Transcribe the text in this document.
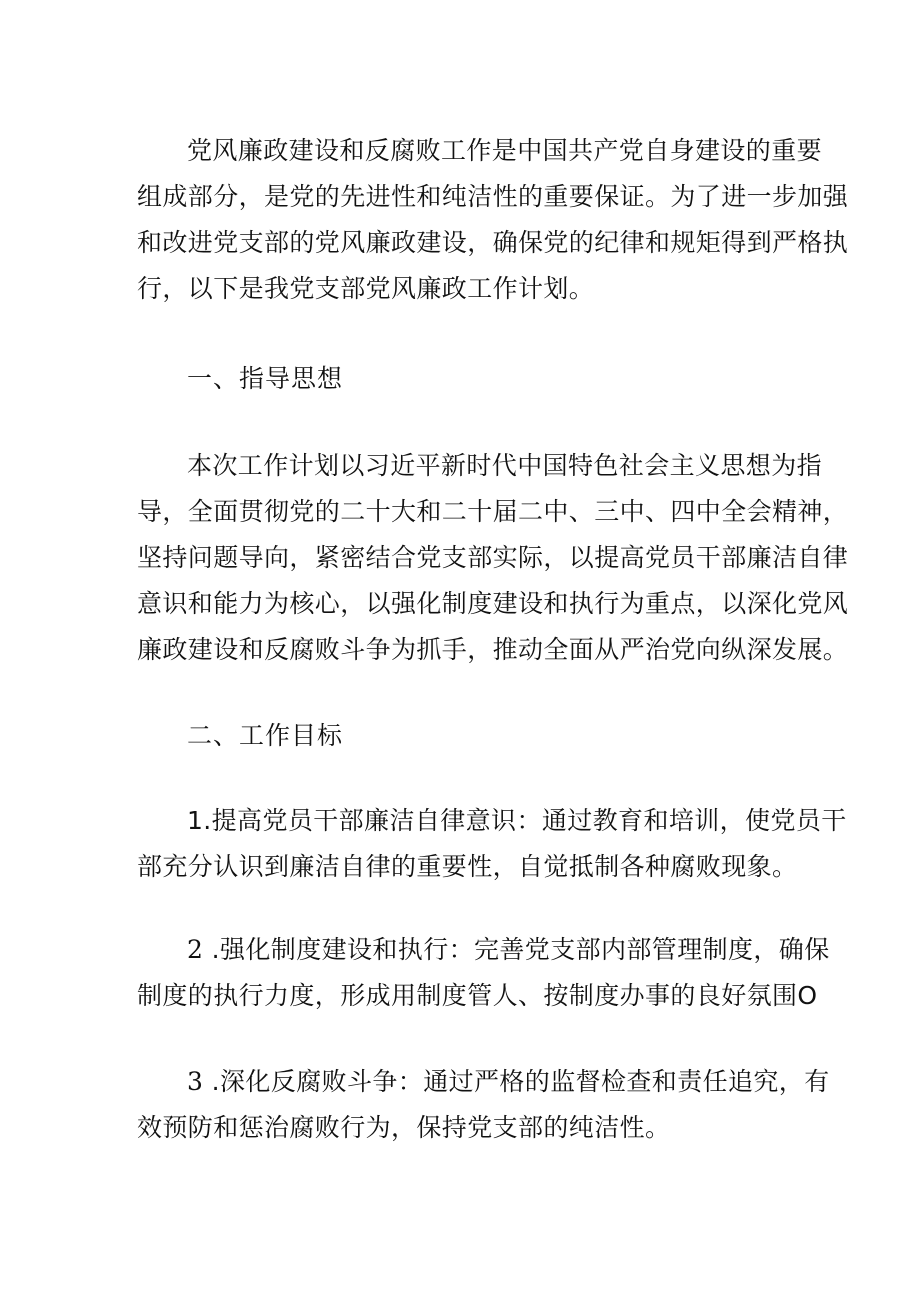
党风廉政建设和反腐败工作是中国共产党自身建设的重要
组成部分，是党的先进性和纯洁性的重要保证。为了进一步加强
和改进党支部的党风廉政建设，确保党的纪律和规矩得到严格执
行，以下是我党支部党风廉政工作计划。
一、指导思想
本次工作计划以习近平新时代中国特色社会主义思想为指
导，全面贯彻党的二十大和二十届二中、三中、四中全会精神，
坚持问题导向，紧密结合党支部实际，以提高党员干部廉洁自律
意识和能力为核心，以强化制度建设和执行为重点，以深化党风
廉政建设和反腐败斗争为抓手，推动全面从严治党向纵深发展。
二、工作目标
1.提高党员干部廉洁自律意识：通过教育和培训，使党员干
部充分认识到廉洁自律的重要性，自觉抵制各种腐败现象。
2 .强化制度建设和执行：完善党支部内部管理制度，确保
制度的执行力度，形成用制度管人、按制度办事的良好氛围O
3 .深化反腐败斗争：通过严格的监督检查和责任追究，有
效预防和惩治腐败行为，保持党支部的纯洁性。
